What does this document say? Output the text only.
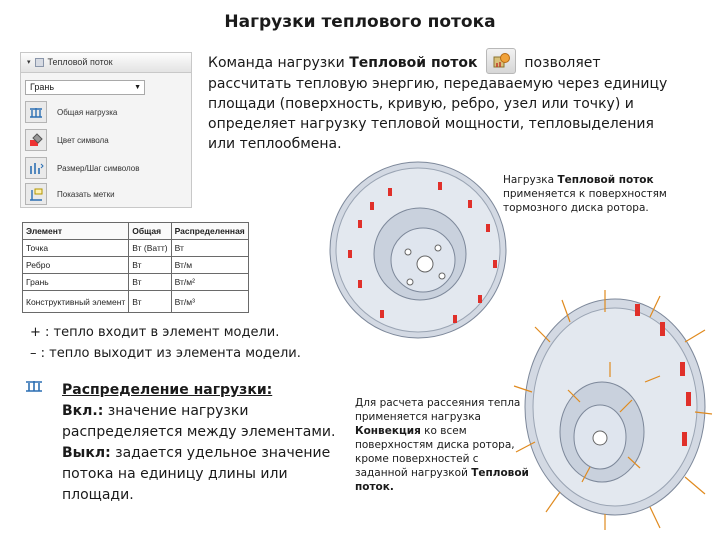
Нагрузки теплового потока
Команда нагрузки Тепловой поток	позволяет рассчитать тепловую энергию, передаваемую через единицу площади (поверхность, кривую, ребро, узел или точку) и определяет нагрузку тепловой мощности, тепловыделения или теплообмена.
▾ Тепловой поток
Грань	▼
Общая нагрузка
Цвет символа
Размер/Шаг символов
Показать метки
Элемент	Общая	Распределенная
Точка	Вт (Ватт)	Вт
Ребро	Вт	Вт/м
Грань	Вт	Вт/м²
Конструктивный элемент	Вт	Вт/м³
+ : тепло входит в элемент модели.
– : тепло выходит из элемента модели.
Распределение нагрузки:
Вкл.: значение нагрузки распределяется между элементами.
Выкл: задается удельное значение потока на единицу длины или площади.
Нагрузка Тепловой поток применяется к поверхностям тормозного диска ротора.
Для расчета рассеяния тепла применяется нагрузка Конвекция ко всем поверхностям диска ротора, кроме поверхностей с заданной нагрузкой Тепловой поток.
